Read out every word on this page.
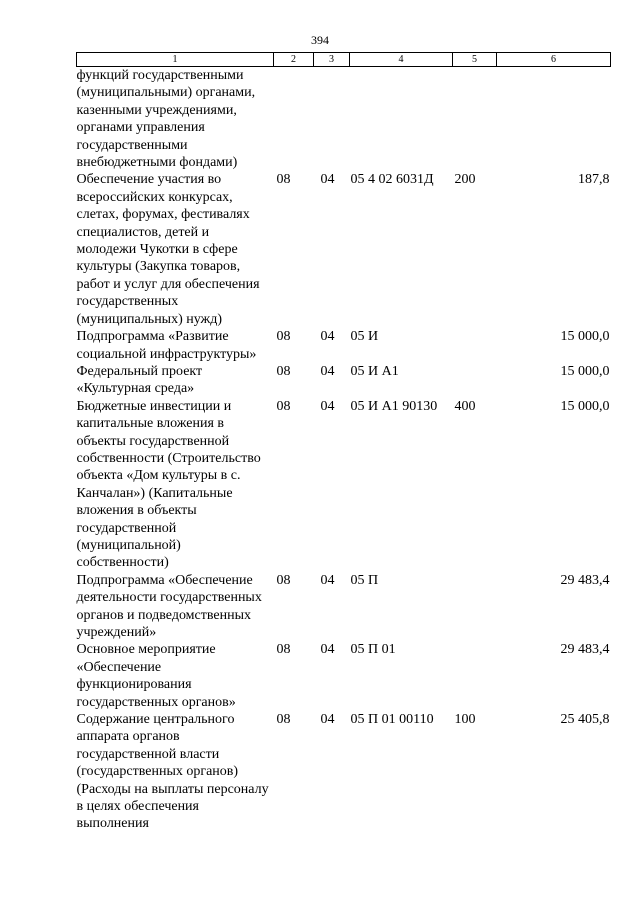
394
1	2	3	4	5	6
функций государственными (муниципальными) органами, казенными учреждениями, органами управления государственными внебюджетными фондами)					
Обеспечение участия во всероссийских конкурсах, слетах, форумах, фестивалях специалистов, детей и молодежи Чукотки в сфере культуры (Закупка товаров, работ и услуг для обеспечения государственных (муниципальных) нужд)	08	04	05 4 02 6031Д	200	187,8
Подпрограмма «Развитие социальной инфраструктуры»	08	04	05 И		15 000,0
Федеральный проект «Культурная среда»	08	04	05 И A1		15 000,0
Бюджетные инвестиции и капитальные вложения в объекты государственной собственности (Строительство объекта «Дом культуры в с. Канчалан») (Капитальные вложения в объекты государственной (муниципальной) собственности)	08	04	05 И A1 90130	400	15 000,0
Подпрограмма «Обеспечение деятельности государственных органов и подведомственных учреждений»	08	04	05 П		29 483,4
Основное мероприятие «Обеспечение функционирования государственных органов»	08	04	05 П 01		29 483,4
Содержание центрального аппарата органов государственной власти (государственных органов) (Расходы на выплаты персоналу в целях обеспечения выполнения	08	04	05 П 01 00110	100	25 405,8
